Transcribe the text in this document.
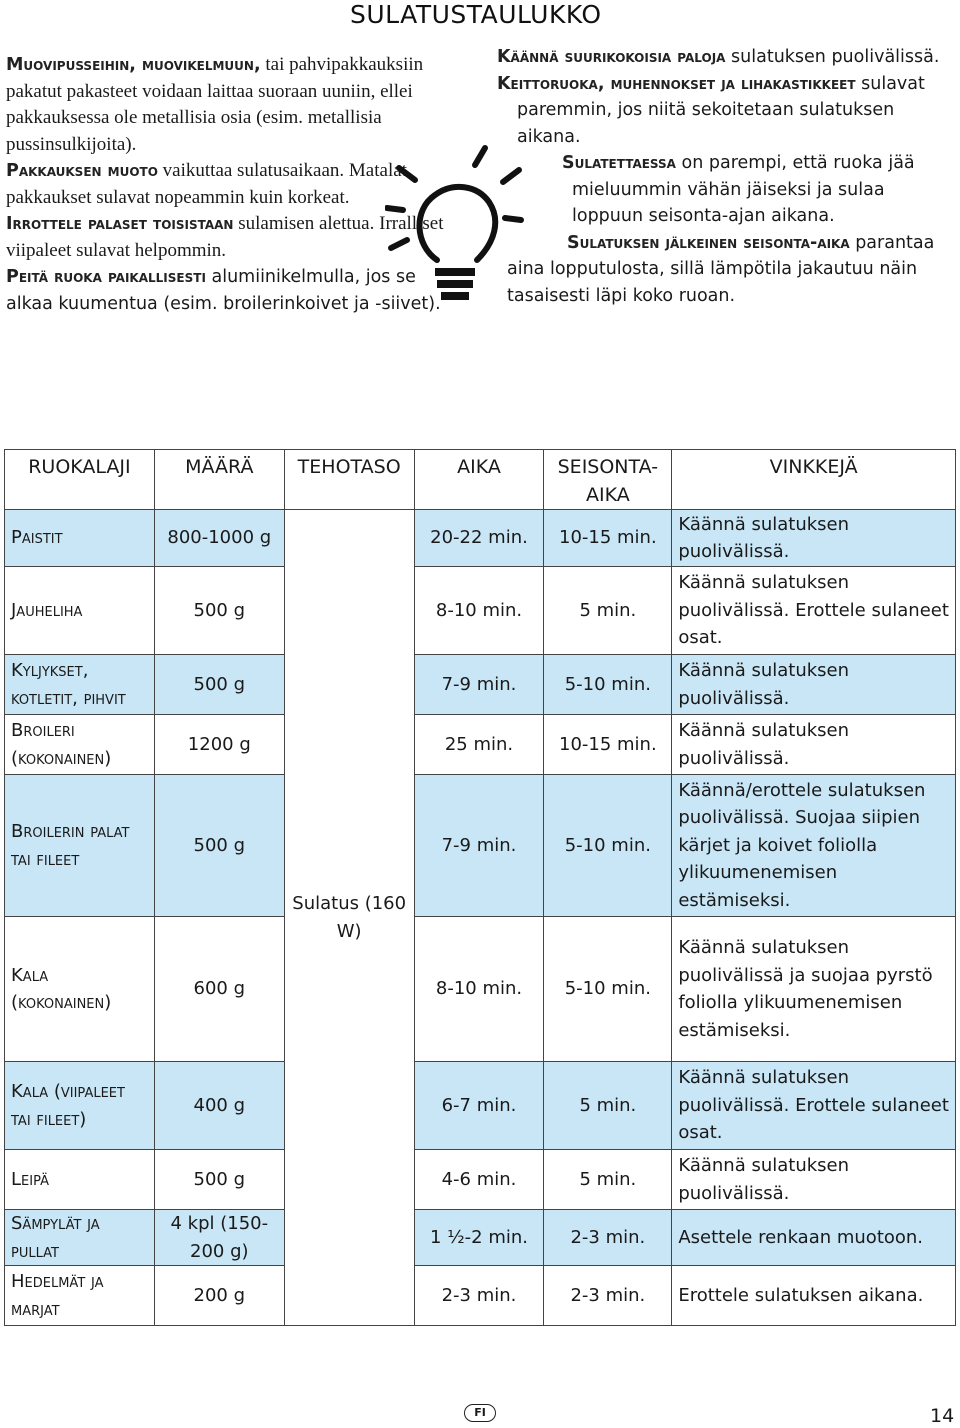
SULATUSTAULUKKO

Muovipusseihin, muovikelmuun, tai pahvipakkauksiin pakatut pakasteet voidaan laittaa suoraan uuniin, ellei pakkauksessa ole metallisia osia (esim. metallisia pussinsulkijoita).

Pakkauksen muoto vaikuttaa sulatusaikaan. Matalat pakkaukset sulavat nopeammin kuin korkeat.

Irrottele palaset toisistaan sulamisen alettua. Irralliset viipaleet sulavat helpommin.

Peitä ruoka paikallisesti alumiinikelmulla, jos se alkaa kuumentua (esim. broilerinkoivet ja -siivet).

Käännä suurikokoisia paloja sulatuksen puolivälissä.

Keittoruoka, muhennokset ja lihakastikkeet sulavat paremmin, jos niitä sekoitetaan sulatuksen aikana.

Sulatettaessa on parempi, että ruoka jää mieluummin vähän jäiseksi ja sulaa loppuun seisonta-ajan aikana.

Sulatuksen jälkeinen seisonta-aika parantaa aina lopputulosta, sillä lämpötila jakautuu näin tasaisesti läpi koko ruoan.

RUOKALAJI	MÄÄRÄ	TEHOTASO	AIKA	SEISONTA-AIKA	VINKKEJÄ
Paistit	800-1000 g	Sulatus (160 W)	20-22 min.	10-15 min.	Käännä sulatuksen puolivälissä.
Jauheliha	500 g		8-10 min.	5 min.	Käännä sulatuksen puolivälissä. Erottele sulaneet osat.
Kyljykset, kotletit, pihvit	500 g		7-9 min.	5-10 min.	Käännä sulatuksen puolivälissä.
Broileri (kokonainen)	1200 g		25 min.	10-15 min.	Käännä sulatuksen puolivälissä.
Broilerin palat tai fileet	500 g		7-9 min.	5-10 min.	Käännä/erottele sulatuksen puolivälissä. Suojaa siipien kärjet ja koivet foliolla ylikuumenemisen estämiseksi.
Kala (kokonainen)	600 g		8-10 min.	5-10 min.	Käännä sulatuksen puolivälissä ja suojaa pyrstö foliolla ylikuumenemisen estämiseksi.
Kala (viipaleet tai fileet)	400 g		6-7 min.	5 min.	Käännä sulatuksen puolivälissä. Erottele sulaneet osat.
Leipä	500 g		4-6 min.	5 min.	Käännä sulatuksen puolivälissä.
Sämpylät ja pullat	4 kpl (150-200 g)		1 ½-2 min.	2-3 min.	Asettele renkaan muotoon.
Hedelmät ja marjat	200 g		2-3 min.	2-3 min.	Erottele sulatuksen aikana.
FI	14
